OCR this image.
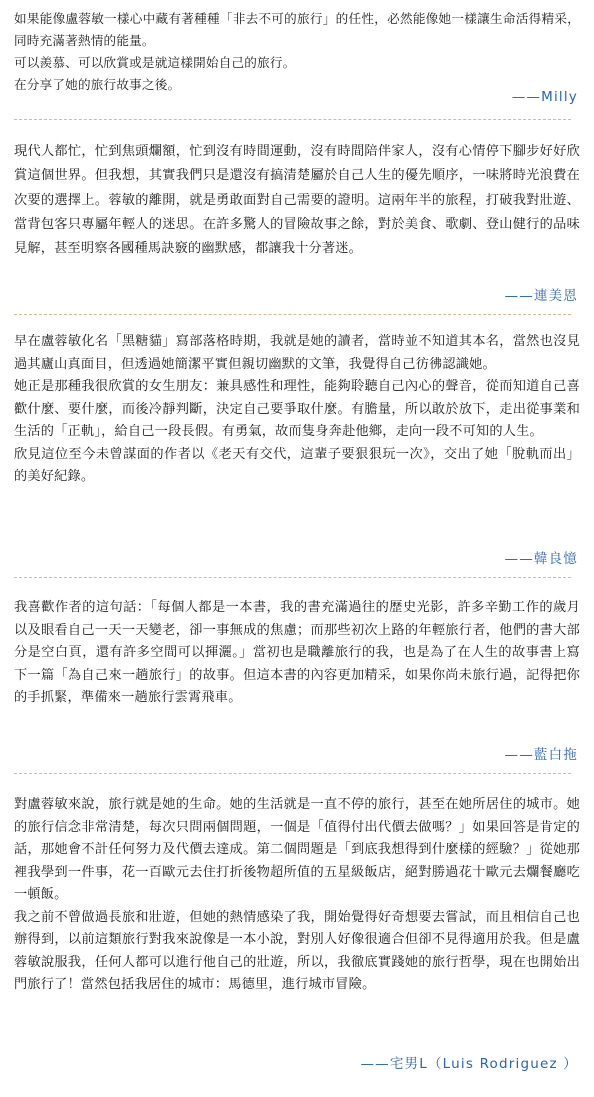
如果能像盧蓉敏一樣心中藏有著種種「非去不可的旅行」的任性，必然能像她一樣讓生命活得精采，同時充滿著熱情的能量。

可以羨慕、可以欣賞或是就這樣開始自己的旅行。

在分享了她的旅行故事之後。

——Milly

現代人都忙，忙到焦頭爛額，忙到沒有時間運動，沒有時間陪伴家人，沒有心情停下腳步好好欣賞這個世界。但我想，其實我們只是還沒有搞清楚屬於自己人生的優先順序，一味將時光浪費在次要的選擇上。蓉敏的離開，就是勇敢面對自己需要的證明。這兩年半的旅程，打破我對壯遊、當背包客只專屬年輕人的迷思。在許多驚人的冒險故事之餘，對於美食、歌劇、登山健行的品味見解，甚至明察各國種馬訣竅的幽默感，都讓我十分著迷。

——連美恩

早在盧蓉敏化名「黑糖貓」寫部落格時期，我就是她的讀者，當時並不知道其本名，當然也沒見過其廬山真面目，但透過她簡潔平實但親切幽默的文筆，我覺得自己彷彿認識她。

她正是那種我很欣賞的女生朋友：兼具感性和理性，能夠聆聽自己內心的聲音，從而知道自己喜歡什麼、要什麼，而後冷靜判斷，決定自己要爭取什麼。有膽量，所以敢於放下，走出從事業和生活的「正軌」，給自己一段長假。有勇氣，故而隻身奔赴他鄉，走向一段不可知的人生。

欣見這位至今未曾謀面的作者以《老天有交代，這輩子要狠狠玩一次》，交出了她「脫軌而出」的美好紀錄。

——韓良憶

我喜歡作者的這句話：「每個人都是一本書，我的書充滿過往的歷史光影，許多辛勤工作的歲月以及眼看自己一天一天變老，卻一事無成的焦慮；而那些初次上路的年輕旅行者，他們的書大部分是空白頁，還有許多空間可以揮灑。」當初也是職離旅行的我，也是為了在人生的故事書上寫下一篇「為自己來一趟旅行」的故事。但這本書的內容更加精采，如果你尚未旅行過，記得把你的手抓緊，準備來一趟旅行雲霄飛車。

——藍白拖

對盧蓉敏來說，旅行就是她的生命。她的生活就是一直不停的旅行，甚至在她所居住的城市。她的旅行信念非常清楚，每次只問兩個問題，一個是「值得付出代價去做嗎？」如果回答是肯定的話，那她會不計任何努力及代價去達成。第二個問題是「到底我想得到什麼樣的經驗？」從她那裡我學到一件事，花一百歐元去住打折後物超所值的五星級飯店，絕對勝過花十歐元去爛餐廳吃一頓飯。

我之前不曾做過長旅和壯遊，但她的熱情感染了我，開始覺得好奇想要去嘗試，而且相信自己也辦得到，以前這類旅行對我來說像是一本小說，對別人好像很適合但卻不見得適用於我。但是盧蓉敏說服我，任何人都可以進行他自己的壯遊，所以，我徹底實踐她的旅行哲學，現在也開始出門旅行了！當然包括我居住的城市：馬德里，進行城市冒險。

——宅男L（Luis Rodriguez ）
